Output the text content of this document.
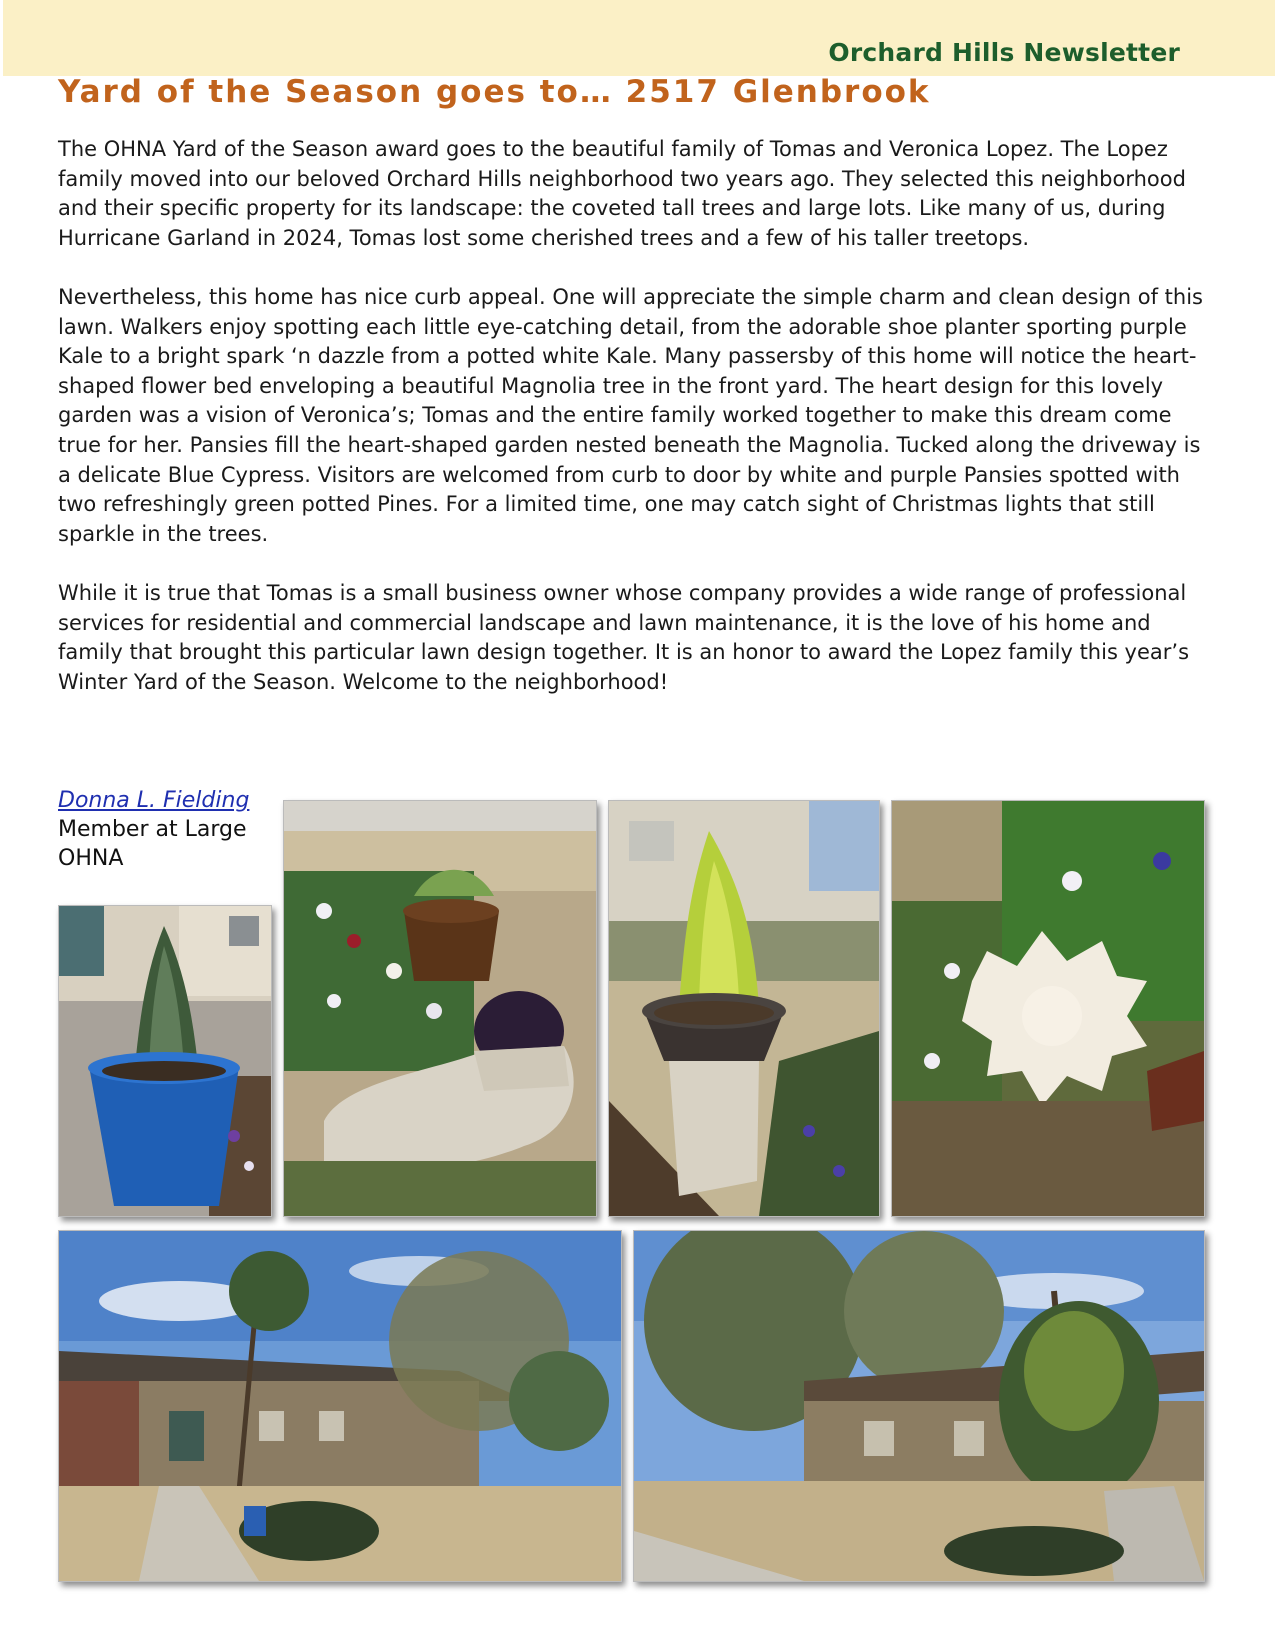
Orchard Hills Newsletter
Yard of the Season goes to… 2517 Glenbrook

The OHNA Yard of the Season award goes to the beautiful family of Tomas and Veronica Lopez. The Lopez family moved into our beloved Orchard Hills neighborhood two years ago. They selected this neighborhood and their specific property for its landscape: the coveted tall trees and large lots. Like many of us, during Hurricane Garland in 2024, Tomas lost some cherished trees and a few of his taller treetops.

Nevertheless, this home has nice curb appeal. One will appreciate the simple charm and clean design of this lawn. Walkers enjoy spotting each little eye-catching detail, from the adorable shoe planter sporting purple Kale to a bright spark ‘n dazzle from a potted white Kale. Many passersby of this home will notice the heart-shaped flower bed enveloping a beautiful Magnolia tree in the front yard. The heart design for this lovely garden was a vision of Veronica’s; Tomas and the entire family worked together to make this dream come true for her. Pansies fill the heart-shaped garden nested beneath the Magnolia. Tucked along the driveway is a delicate Blue Cypress. Visitors are welcomed from curb to door by white and purple Pansies spotted with two refreshingly green potted Pines. For a limited time, one may catch sight of Christmas lights that still sparkle in the trees.

While it is true that Tomas is a small business owner whose company provides a wide range of professional services for residential and commercial landscape and lawn maintenance, it is the love of his home and family that brought this particular lawn design together. It is an honor to award the Lopez family this year’s Winter Yard of the Season. Welcome to the neighborhood!

Donna L. Fielding
Member at Large
OHNA
